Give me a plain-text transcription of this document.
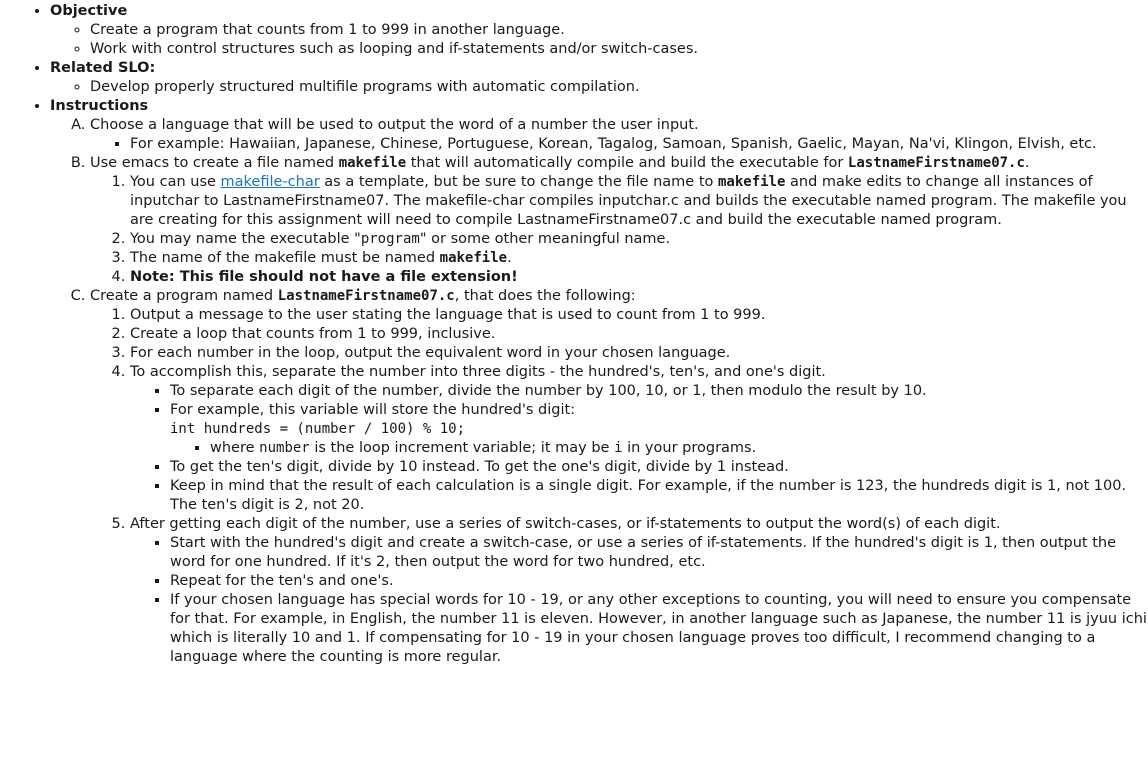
• Objective
◦ Create a program that counts from 1 to 999 in another language.
◦ Work with control structures such as looping and if-statements and/or switch-cases.
• Related SLO:
◦ Develop properly structured multifile programs with automatic compilation.
• Instructions
A. Choose a language that will be used to output the word of a number the user input.
▪ For example: Hawaiian, Japanese, Chinese, Portuguese, Korean, Tagalog, Samoan, Spanish, Gaelic, Mayan, Na'vi, Klingon, Elvish, etc.
B. Use emacs to create a file named makefile that will automatically compile and build the executable for LastnameFirstname07.c.
1. You can use makefile-char as a template, but be sure to change the file name to makefile and make edits to change all instances of inputchar to LastnameFirstname07. The makefile-char compiles inputchar.c and builds the executable named program. The makefile you are creating for this assignment will need to compile LastnameFirstname07.c and build the executable named program.
2. You may name the executable "program" or some other meaningful name.
3. The name of the makefile must be named makefile.
4. Note: This file should not have a file extension!
C. Create a program named LastnameFirstname07.c, that does the following:
1. Output a message to the user stating the language that is used to count from 1 to 999.
2. Create a loop that counts from 1 to 999, inclusive.
3. For each number in the loop, output the equivalent word in your chosen language.
4. To accomplish this, separate the number into three digits - the hundred's, ten's, and one's digit.
▪ To separate each digit of the number, divide the number by 100, 10, or 1, then modulo the result by 10.
▪ For example, this variable will store the hundred's digit:
int hundreds = (number / 100) % 10;
▪ where number is the loop increment variable; it may be i in your programs.
▪ To get the ten's digit, divide by 10 instead. To get the one's digit, divide by 1 instead.
▪ Keep in mind that the result of each calculation is a single digit. For example, if the number is 123, the hundreds digit is 1, not 100. The ten's digit is 2, not 20.
5. After getting each digit of the number, use a series of switch-cases, or if-statements to output the word(s) of each digit.
▪ Start with the hundred's digit and create a switch-case, or use a series of if-statements. If the hundred's digit is 1, then output the word for one hundred. If it's 2, then output the word for two hundred, etc.
▪ Repeat for the ten's and one's.
▪ If your chosen language has special words for 10 - 19, or any other exceptions to counting, you will need to ensure you compensate for that. For example, in English, the number 11 is eleven. However, in another language such as Japanese, the number 11 is jyuu ichi which is literally 10 and 1. If compensating for 10 - 19 in your chosen language proves too difficult, I recommend changing to a language where the counting is more regular.
